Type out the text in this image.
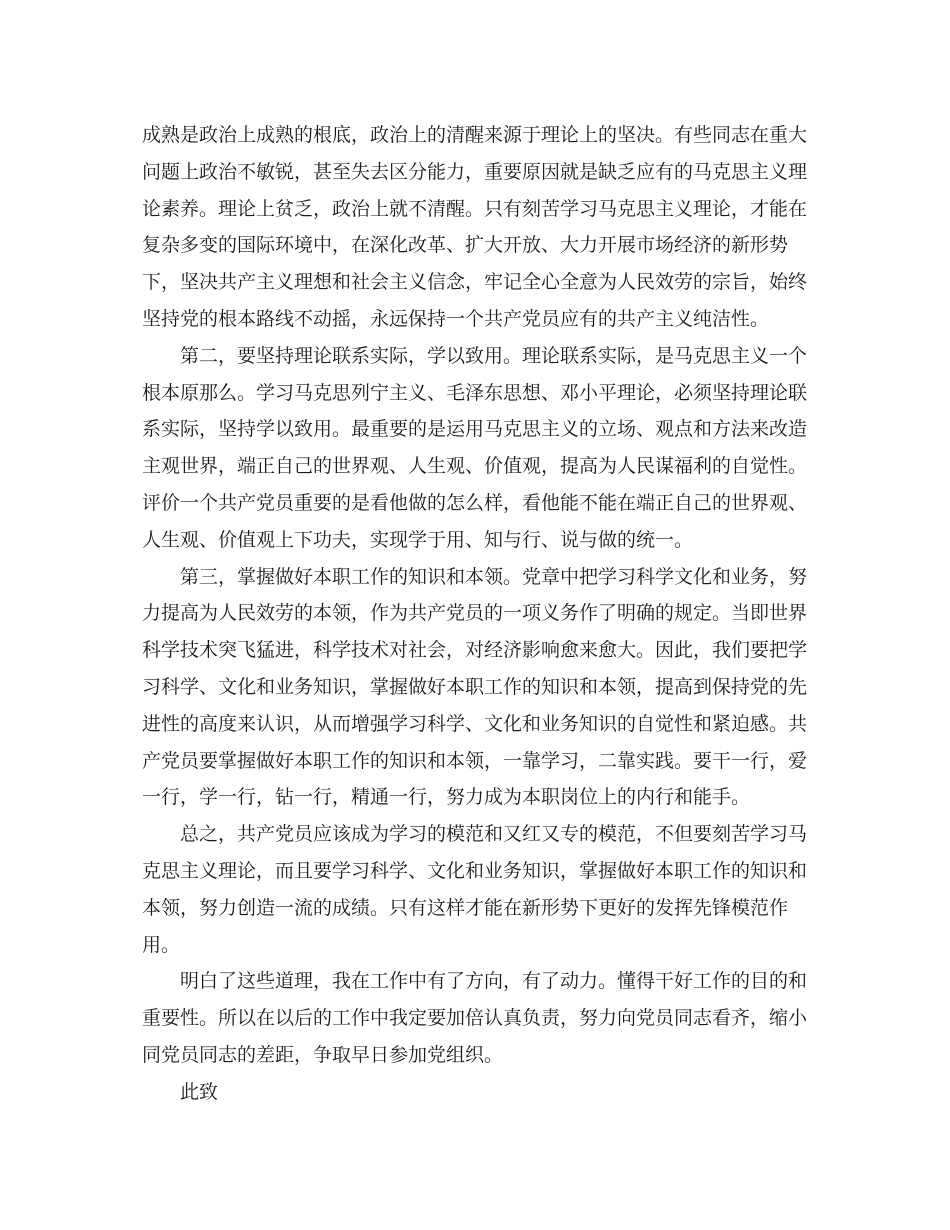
成熟是政治上成熟的根底，政治上的清醒来源于理论上的坚决。有些同志在重大
问题上政治不敏锐，甚至失去区分能力，重要原因就是缺乏应有的马克思主义理
论素养。理论上贫乏，政治上就不清醒。只有刻苦学习马克思主义理论，才能在
复杂多变的国际环境中，在深化改革、扩大开放、大力开展市场经济的新形势
下，坚决共产主义理想和社会主义信念，牢记全心全意为人民效劳的宗旨，始终
坚持党的根本路线不动摇，永远保持一个共产党员应有的共产主义纯洁性。
第二，要坚持理论联系实际，学以致用。理论联系实际，是马克思主义一个
根本原那么。学习马克思列宁主义、毛泽东思想、邓小平理论，必须坚持理论联
系实际，坚持学以致用。最重要的是运用马克思主义的立场、观点和方法来改造
主观世界，端正自己的世界观、人生观、价值观，提高为人民谋福利的自觉性。
评价一个共产党员重要的是看他做的怎么样，看他能不能在端正自己的世界观、
人生观、价值观上下功夫，实现学于用、知与行、说与做的统一。
第三，掌握做好本职工作的知识和本领。党章中把学习科学文化和业务，努
力提高为人民效劳的本领，作为共产党员的一项义务作了明确的规定。当即世界
科学技术突飞猛进，科学技术对社会，对经济影响愈来愈大。因此，我们要把学
习科学、文化和业务知识，掌握做好本职工作的知识和本领，提高到保持党的先
进性的高度来认识，从而增强学习科学、文化和业务知识的自觉性和紧迫感。共
产党员要掌握做好本职工作的知识和本领，一靠学习，二靠实践。要干一行，爱
一行，学一行，钻一行，精通一行，努力成为本职岗位上的内行和能手。
总之，共产党员应该成为学习的模范和又红又专的模范，不但要刻苦学习马
克思主义理论，而且要学习科学、文化和业务知识，掌握做好本职工作的知识和
本领，努力创造一流的成绩。只有这样才能在新形势下更好的发挥先锋模范作
用。
明白了这些道理，我在工作中有了方向，有了动力。懂得干好工作的目的和
重要性。所以在以后的工作中我定要加倍认真负责，努力向党员同志看齐，缩小
同党员同志的差距，争取早日参加党组织。
此致
